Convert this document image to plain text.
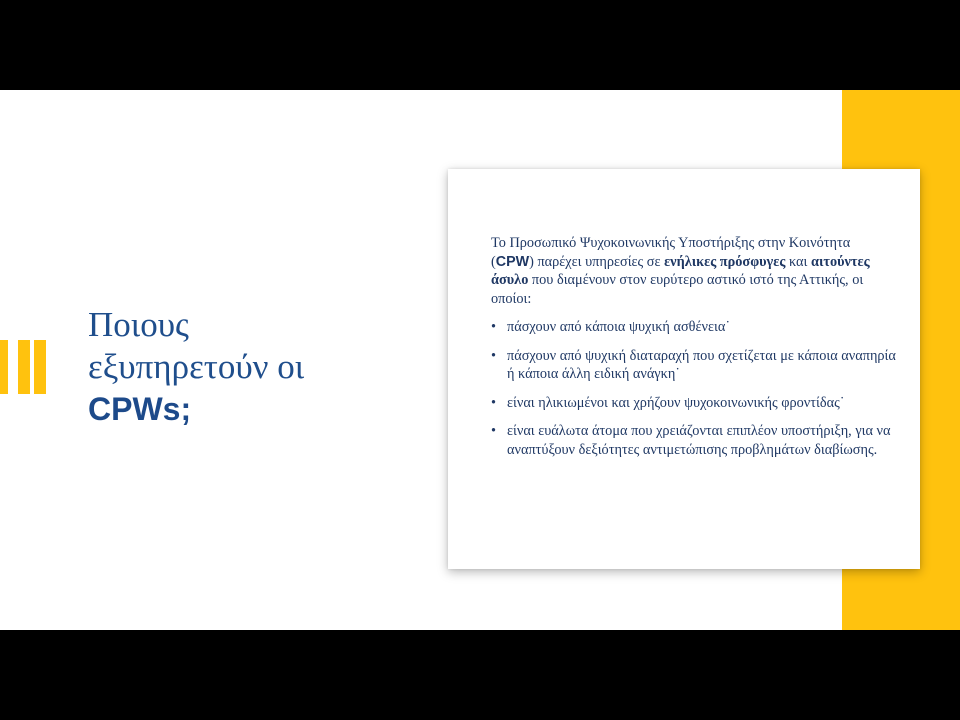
Ποιους
εξυπηρετούν οι
CPWs;

Το Προσωπικό Ψυχοκοινωνικής Υποστήριξης στην Κοινότητα (CPW) παρέχει υπηρεσίες σε ενήλικες πρόσφυγες και αιτούντες άσυλο που διαμένουν στον ευρύτερο αστικό ιστό της Αττικής, οι οποίοι:

• πάσχουν από κάποια ψυχική ασθένεια˙
• πάσχουν από ψυχική διαταραχή που σχετίζεται με κάποια αναπηρία ή κάποια άλλη ειδική ανάγκη˙
• είναι ηλικιωμένοι και χρήζουν ψυχοκοινωνικής φροντίδας˙
• είναι ευάλωτα άτομα που χρειάζονται επιπλέον υποστήριξη, για να αναπτύξουν δεξιότητες αντιμετώπισης προβλημάτων διαβίωσης.
